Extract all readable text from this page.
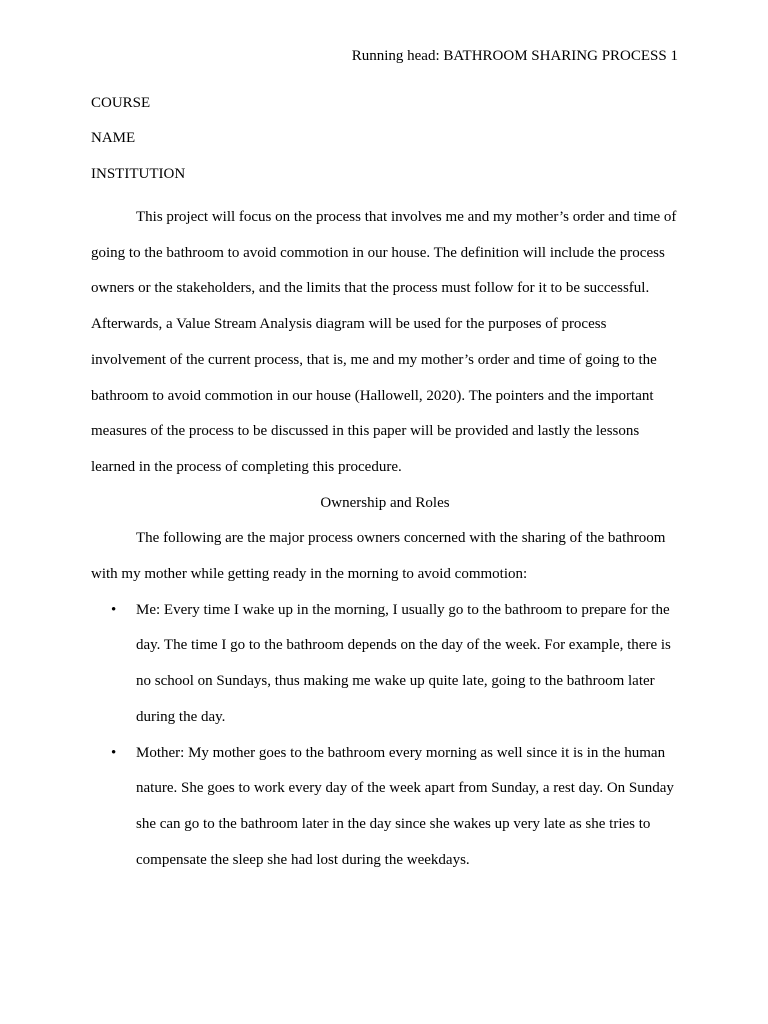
Running head: BATHROOM SHARING PROCESS 1
COURSE
NAME
INSTITUTION

This project will focus on the process that involves me and my mother’s order and time of going to the bathroom to avoid commotion in our house. The definition will include the process owners or the stakeholders, and the limits that the process must follow for it to be successful. Afterwards, a Value Stream Analysis diagram will be used for the purposes of process involvement of the current process, that is, me and my mother’s order and time of going to the bathroom to avoid commotion in our house (Hallowell, 2020). The pointers and the important measures of the process to be discussed in this paper will be provided and lastly the lessons learned in the process of completing this procedure.

Ownership and Roles

The following are the major process owners concerned with the sharing of the bathroom with my mother while getting ready in the morning to avoid commotion:

• Me: Every time I wake up in the morning, I usually go to the bathroom to prepare for the day. The time I go to the bathroom depends on the day of the week. For example, there is no school on Sundays, thus making me wake up quite late, going to the bathroom later during the day.
• Mother: My mother goes to the bathroom every morning as well since it is in the human nature. She goes to work every day of the week apart from Sunday, a rest day. On Sunday she can go to the bathroom later in the day since she wakes up very late as she tries to compensate the sleep she had lost during the weekdays.
